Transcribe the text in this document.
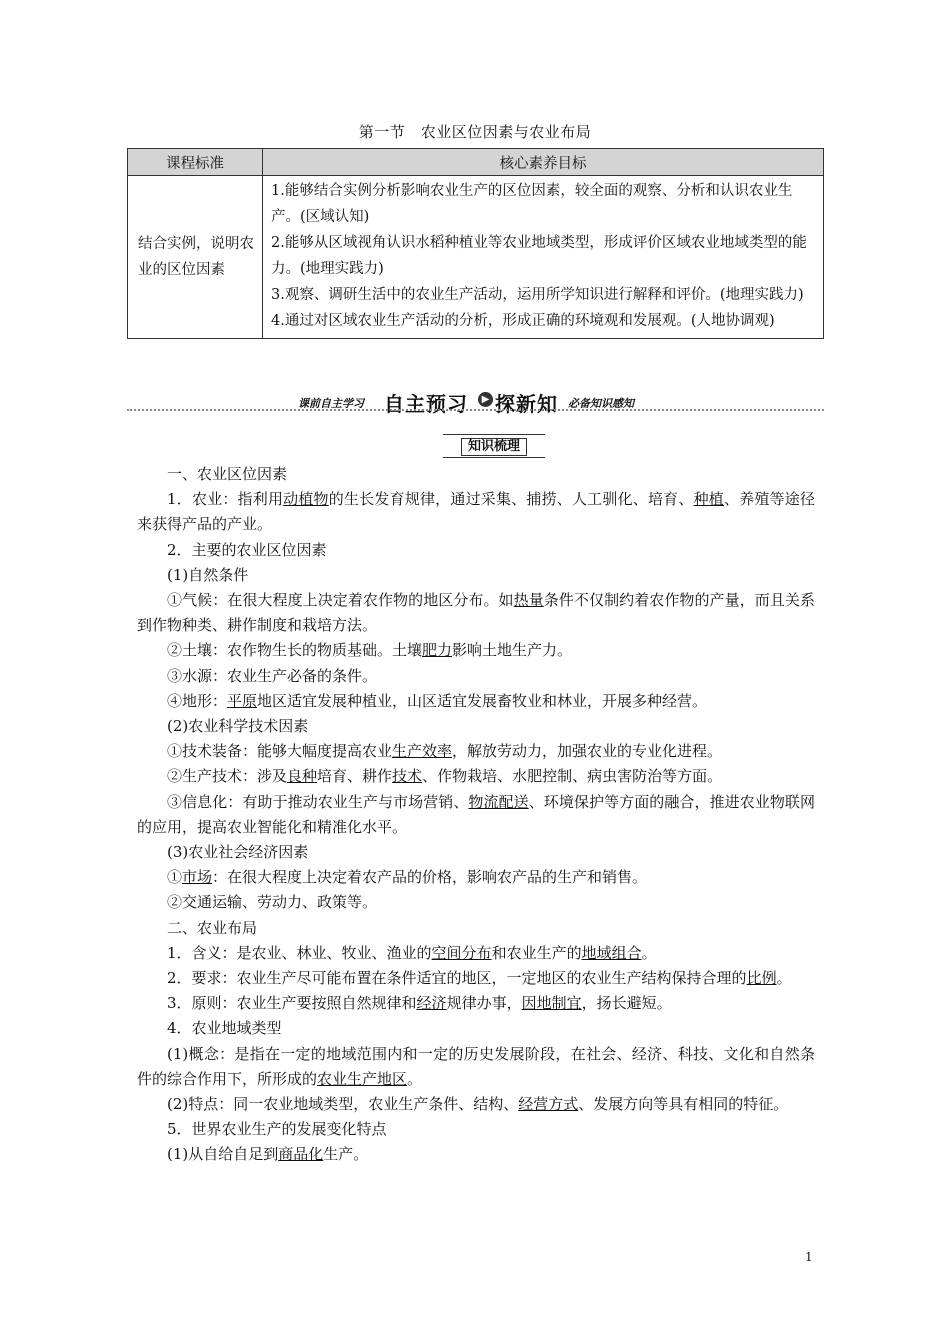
第一节　农业区位因素与农业布局
课程标准	核心素养目标
结合实例，说明农业的区位因素	1.能够结合实例分析影响农业生产的区位因素，较全面的观察、分析和认识农业生产。(区域认知)
2.能够从区域视角认识水稻种植业等农业地域类型，形成评价区域农业地域类型的能力。(地理实践力)
3.观察、调研生活中的农业生产活动，运用所学知识进行解释和评价。(地理实践力)
4.通过对区域农业生产活动的分析，形成正确的环境观和发展观。(人地协调观)
课前自主学习 自主预习	▶ 探新知 必备知识感知
知识梳理

一、农业区位因素

1．农业：指利用动植物的生长发育规律，通过采集、捕捞、人工驯化、培育、种植、养殖等途径来获得产品的产业。

2．主要的农业区位因素

(1)自然条件

①气候：在很大程度上决定着农作物的地区分布。如热量条件不仅制约着农作物的产量，而且关系到作物种类、耕作制度和栽培方法。

②土壤：农作物生长的物质基础。土壤肥力影响土地生产力。

③水源：农业生产必备的条件。

④地形：平原地区适宜发展种植业，山区适宜发展畜牧业和林业，开展多种经营。

(2)农业科学技术因素

①技术装备：能够大幅度提高农业生产效率，解放劳动力，加强农业的专业化进程。

②生产技术：涉及良种培育、耕作技术、作物栽培、水肥控制、病虫害防治等方面。

③信息化：有助于推动农业生产与市场营销、物流配送、环境保护等方面的融合，推进农业物联网的应用，提高农业智能化和精准化水平。

(3)农业社会经济因素

①市场：在很大程度上决定着农产品的价格，影响农产品的生产和销售。

②交通运输、劳动力、政策等。

二、农业布局

1．含义：是农业、林业、牧业、渔业的空间分布和农业生产的地域组合。

2．要求：农业生产尽可能布置在条件适宜的地区，一定地区的农业生产结构保持合理的比例。

3．原则：农业生产要按照自然规律和经济规律办事，因地制宜，扬长避短。

4．农业地域类型

(1)概念：是指在一定的地域范围内和一定的历史发展阶段，在社会、经济、科技、文化和自然条件的综合作用下，所形成的农业生产地区。

(2)特点：同一农业地域类型，农业生产条件、结构、经营方式、发展方向等具有相同的特征。

5．世界农业生产的发展变化特点

(1)从自给自足到商品化生产。

1
